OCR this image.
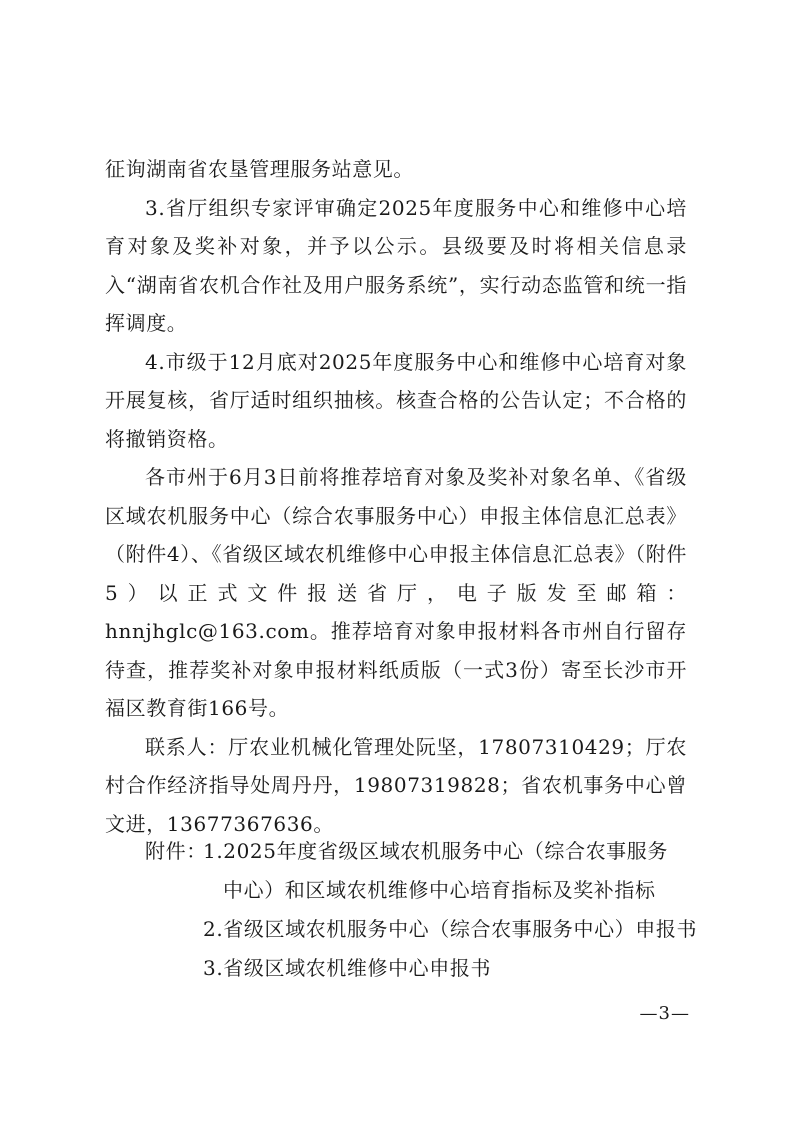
征询湖南省农垦管理服务站意见。

3.省厅组织专家评审确定2025年度服务中心和维修中心培育对象及奖补对象，并予以公示。县级要及时将相关信息录入“湖南省农机合作社及用户服务系统”，实行动态监管和统一指挥调度。

4.市级于12月底对2025年度服务中心和维修中心培育对象开展复核，省厅适时组织抽核。核查合格的公告认定；不合格的将撤销资格。

各市州于6月3日前将推荐培育对象及奖补对象名单、《省级区域农机服务中心（综合农事服务中心）申报主体信息汇总表》（附件4）、《省级区域农机维修中心申报主体信息汇总表》（附件5）以正式文件报送省厅，电子版发至邮箱：hnnjhglc@163.com。推荐培育对象申报材料各市州自行留存待查，推荐奖补对象申报材料纸质版（一式3份）寄至长沙市开福区教育街166号。

联系人：厅农业机械化管理处阮坚，17807310429；厅农村合作经济指导处周丹丹，19807319828；省农机事务中心曾文进，13677367636。

附件：
1.2025年度省级区域农机服务中心（综合农事服务
中心）和区域农机维修中心培育指标及奖补指标
2.省级区域农机服务中心（综合农事服务中心）申报书
3.省级区域农机维修中心申报书
—3—
